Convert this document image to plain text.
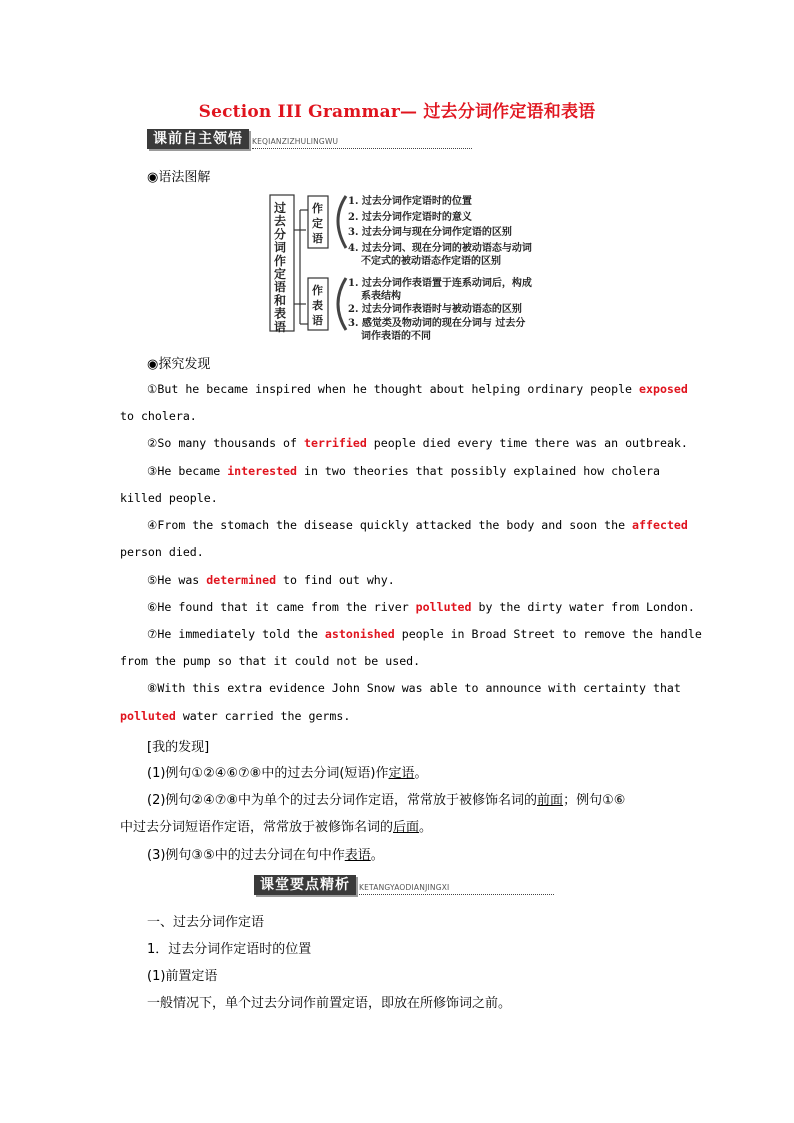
Section III Grammar— 过去分词作定语和表语
课前自主领悟	KEQIANZIZHULINGWU
◉语法图解
过
去
分
词
作
定
语
和
表
语
作
定
语
作
表
语
1. 过去分词作定语时的位置
2. 过去分词作定语时的意义
3. 过去分词与现在分词作定语的区别
4. 过去分词、现在分词的被动语态与动词
不定式的被动语态作定语的区别
1. 过去分词作表语置于连系动词后，构成
系表结构
2. 过去分词作表语时与被动语态的区别
3. 感觉类及物动词的现在分词与 过去分
词作表语的不同
◉探究发现
①But he became inspired when he thought about helping ordinary people exposed
to cholera.
②So many thousands of terrified people died every time there was an outbreak.
③He became interested in two theories that possibly explained how cholera
killed people.
④From the stomach the disease quickly attacked the body and soon the affected
person died.
⑤He was determined to find out why.
⑥He found that it came from the river polluted by the dirty water from London.
⑦He immediately told the astonished people in Broad Street to remove the handle
from the pump so that it could not be used.
⑧With this extra evidence John Snow was able to announce with certainty that
polluted water carried the germs.
[我的发现]
(1)例句①②④⑥⑦⑧中的过去分词(短语)作定语。
(2)例句②④⑦⑧中为单个的过去分词作定语，常常放于被修饰名词的前面；例句①⑥
中过去分词短语作定语，常常放于被修饰名词的后面。
(3)例句③⑤中的过去分词在句中作表语。
课堂要点精析	KETANGYAODIANJINGXI
一、过去分词作定语
1．过去分词作定语时的位置
(1)前置定语
一般情况下，单个过去分词作前置定语，即放在所修饰词之前。
